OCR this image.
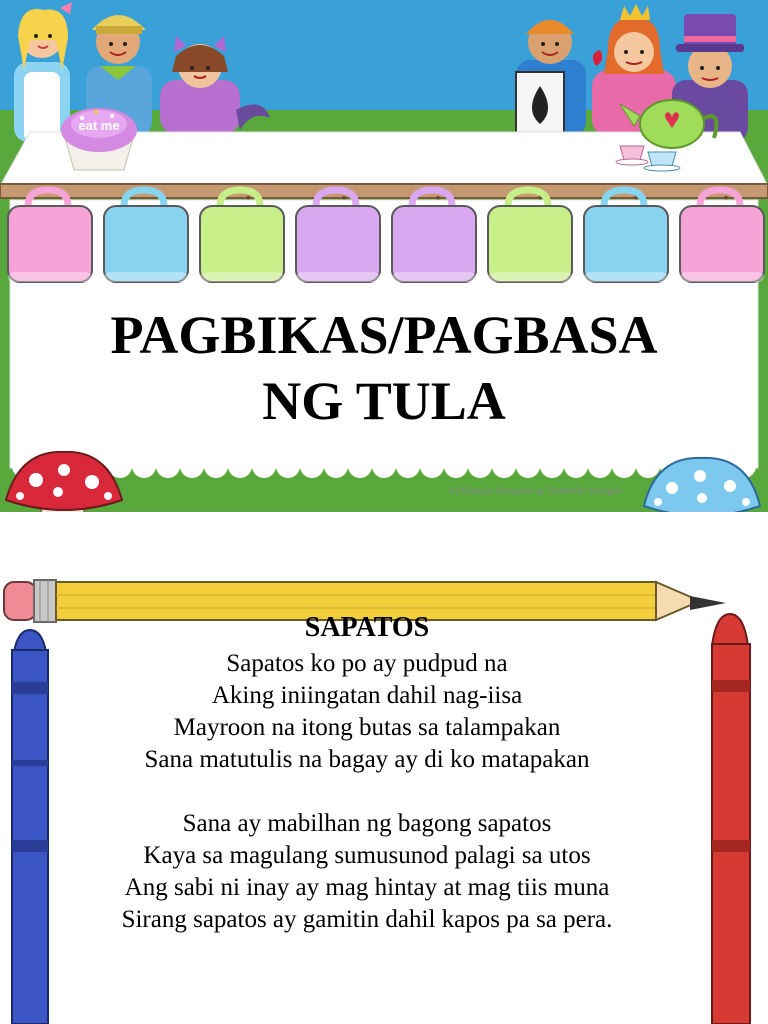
eat me
PAGBIKAS/PAGBASA
NG TULA
KZChange Template by ThistleGirl Designs
SAPATOS
Sapatos ko po ay pudpud na
Aking iniingatan dahil nag-iisa
Mayroon na itong butas sa talampakan
Sana matutulis na bagay ay di ko matapakan
Sana ay mabilhan ng bagong sapatos
Kaya sa magulang sumusunod palagi sa utos
Ang sabi ni inay ay mag hintay at mag tiis muna
Sirang sapatos ay gamitin dahil kapos pa sa pera.
